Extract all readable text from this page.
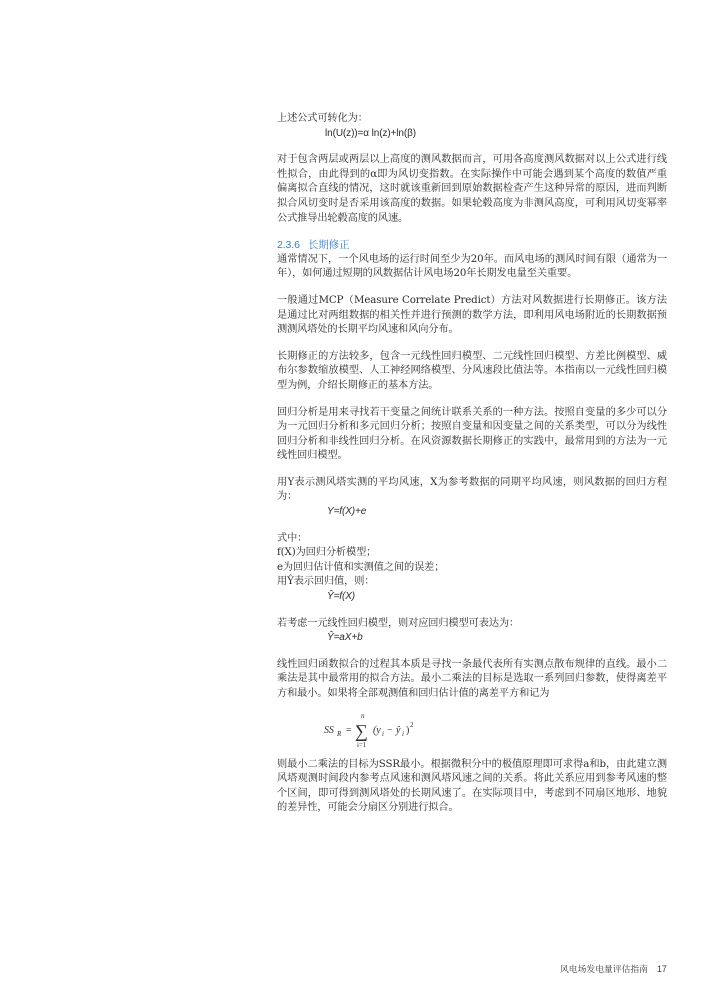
上述公式可转化为：

ln(U(z))=α ln(z)+ln(β)

对于包含两层或两层以上高度的测风数据而言，可用各高度测风数据对以上公式进行线性拟合，由此得到的α即为风切变指数。在实际操作中可能会遇到某个高度的数值严重偏离拟合直线的情况，这时就该重新回到原始数据检查产生这种异常的原因，进而判断拟合风切变时是否采用该高度的数据。如果轮毂高度为非测风高度，可利用风切变幂率公式推导出轮毂高度的风速。

2.3.6 长期修正

通常情况下，一个风电场的运行时间至少为20年。而风电场的测风时间有限（通常为一年），如何通过短期的风数据估计风电场20年长期发电量至关重要。

一般通过MCP（Measure Correlate Predict）方法对风数据进行长期修正。该方法是通过比对两组数据的相关性并进行预测的数学方法，即利用风电场附近的长期数据预测测风塔处的长期平均风速和风向分布。

长期修正的方法较多，包含一元线性回归模型、二元线性回归模型、方差比例模型、威布尔参数缩放模型、人工神经网络模型、分风速段比值法等。本指南以一元线性回归模型为例，介绍长期修正的基本方法。

回归分析是用来寻找若干变量之间统计联系关系的一种方法。按照自变量的多少可以分为一元回归分析和多元回归分析；按照自变量和因变量之间的关系类型，可以分为线性回归分析和非线性回归分析。在风资源数据长期修正的实践中，最常用到的方法为一元线性回归模型。

用Y表示测风塔实测的平均风速，X为参考数据的同期平均风速，则风数据的回归方程为：

Y=f(X)+e

式中：

f(X)为回归分析模型；

e为回归估计值和实测值之间的误差；

用Ŷ表示回归值，则：

Ŷ=f(X)

若考虑一元线性回归模型，则对应回归模型可表达为：

Ŷ=aX+b

线性回归函数拟合的过程其本质是寻找一条最代表所有实测点散布规律的直线。最小二乘法是其中最常用的拟合方法。最小二乘法的目标是选取一系列回归参数，使得离差平方和最小。如果将全部观测值和回归估计值的离差平方和记为

SS R =
n
∑
i=1
(y i − ŷ i ) 2

则最小二乘法的目标为SSR最小。根据微积分中的极值原理即可求得a和b，由此建立测风塔观测时间段内参考点风速和测风塔风速之间的关系。将此关系应用到参考风速的整个区间，即可得到测风塔处的长期风速了。在实际项目中，考虑到不同扇区地形、地貌的差异性，可能会分扇区分别进行拟合。

风电场发电量评估指南 17
